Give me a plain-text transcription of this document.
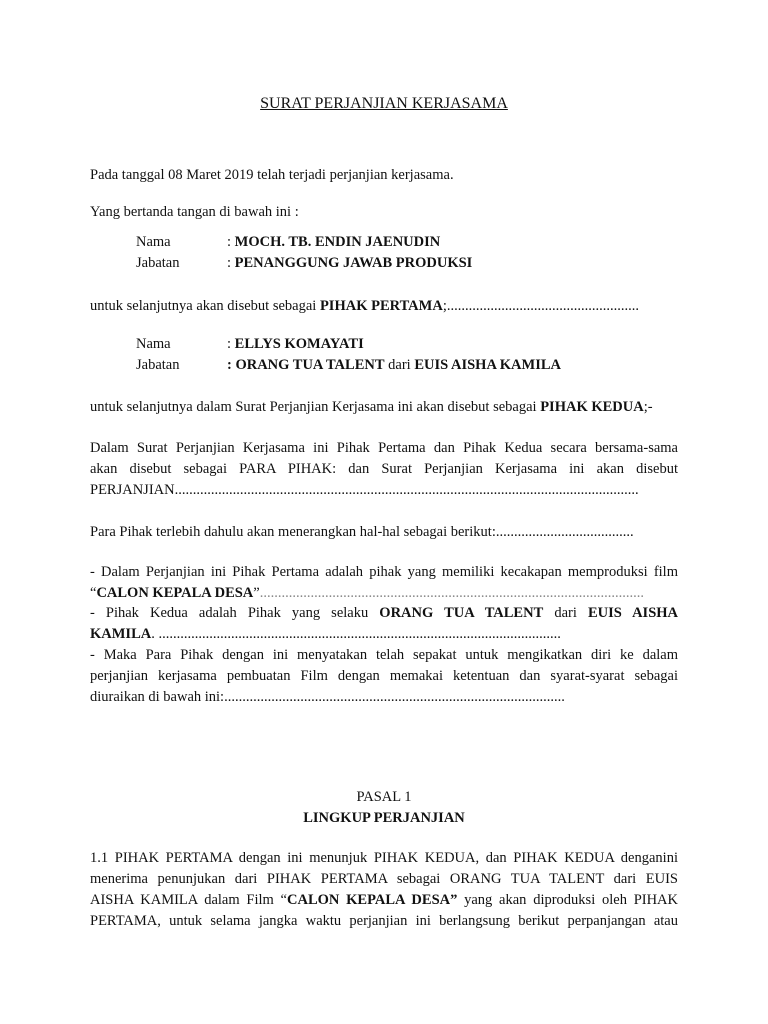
SURAT PERJANJIAN KERJASAMA
Pada tanggal 08 Maret 2019 telah terjadi perjanjian kerjasama.
Yang bertanda tangan di bawah ini :
Nama	: MOCH. TB. ENDIN JAENUDIN
Jabatan	: PENANGGUNG JAWAB PRODUKSI
untuk selanjutnya akan disebut sebagai PIHAK PERTAMA;.....................................................
Nama	: ELLYS KOMAYATI
Jabatan	: ORANG TUA TALENT dari EUIS AISHA KAMILA
untuk selanjutnya dalam Surat Perjanjian Kerjasama ini akan disebut sebagai PIHAK KEDUA;-
Dalam Surat Perjanjian Kerjasama ini Pihak Pertama dan Pihak Kedua secara bersama-sama
akan disebut sebagai PARA PIHAK: dan Surat Perjanjian Kerjasama ini akan disebut
PERJANJIAN................................................................................................................................
Para Pihak terlebih dahulu akan menerangkan hal-hal sebagai berikut:......................................
- Dalam Perjanjian ini Pihak Pertama adalah pihak yang memiliki kecakapan memproduksi film
“CALON KEPALA DESA”..........................................................................................................
- Pihak Kedua adalah Pihak yang selaku ORANG TUA TALENT dari EUIS AISHA
KAMILA. ...............................................................................................................
- Maka Para Pihak dengan ini menyatakan telah sepakat untuk mengikatkan diri ke dalam
perjanjian kerjasama pembuatan Film dengan memakai ketentuan dan syarat-syarat sebagai
diuraikan di bawah ini:..............................................................................................
PASAL 1
LINGKUP PERJANJIAN
1.1 PIHAK PERTAMA dengan ini menunjuk PIHAK KEDUA, dan PIHAK KEDUA denganini
menerima penunjukan dari PIHAK PERTAMA sebagai ORANG TUA TALENT dari EUIS
AISHA KAMILA dalam Film “CALON KEPALA DESA” yang akan diproduksi oleh PIHAK
PERTAMA, untuk selama jangka waktu perjanjian ini berlangsung berikut perpanjangan atau
